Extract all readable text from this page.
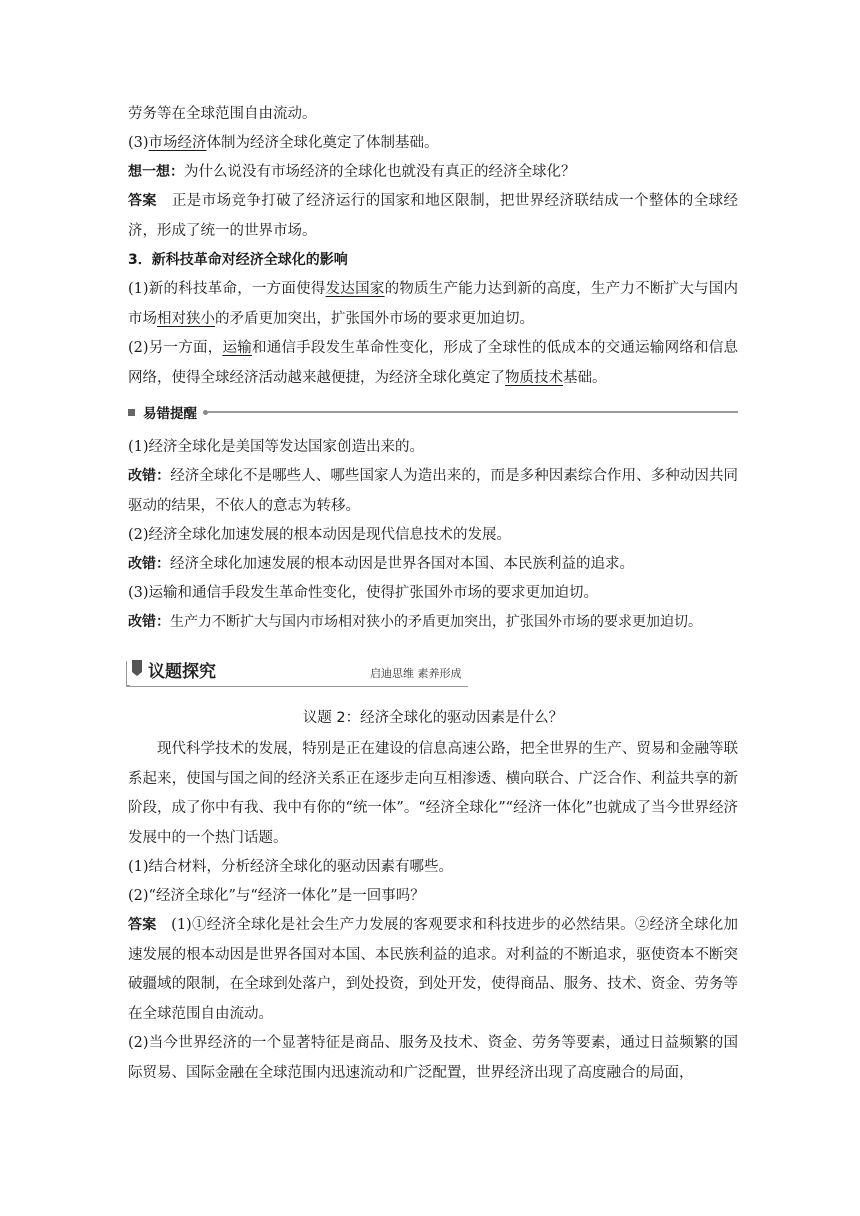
劳务等在全球范围自由流动。
(3)市场经济体制为经济全球化奠定了体制基础。
想一想：为什么说没有市场经济的全球化也就没有真正的经济全球化？
答案 正是市场竞争打破了经济运行的国家和地区限制，把世界经济联结成一个整体的全球经济，形成了统一的世界市场。
3．新科技革命对经济全球化的影响
(1)新的科技革命，一方面使得发达国家的物质生产能力达到新的高度，生产力不断扩大与国内市场相对狭小的矛盾更加突出，扩张国外市场的要求更加迫切。
(2)另一方面，运输和通信手段发生革命性变化，形成了全球性的低成本的交通运输网络和信息网络，使得全球经济活动越来越便捷，为经济全球化奠定了物质技术基础。
易错提醒
(1)经济全球化是美国等发达国家创造出来的。
改错：经济全球化不是哪些人、哪些国家人为造出来的，而是多种因素综合作用、多种动因共同驱动的结果，不依人的意志为转移。
(2)经济全球化加速发展的根本动因是现代信息技术的发展。
改错：经济全球化加速发展的根本动因是世界各国对本国、本民族利益的追求。
(3)运输和通信手段发生革命性变化，使得扩张国外市场的要求更加迫切。
改错：生产力不断扩大与国内市场相对狭小的矛盾更加突出，扩张国外市场的要求更加迫切。
议题探究	启迪思维 素养形成
议题 2：经济全球化的驱动因素是什么？
现代科学技术的发展，特别是正在建设的信息高速公路，把全世界的生产、贸易和金融等联系起来，使国与国之间的经济关系正在逐步走向互相渗透、横向联合、广泛合作、利益共享的新阶段，成了你中有我、我中有你的“统一体”。“经济全球化”“经济一体化”也就成了当今世界经济发展中的一个热门话题。
(1)结合材料，分析经济全球化的驱动因素有哪些。
(2)“经济全球化”与“经济一体化”是一回事吗？
答案 (1)①经济全球化是社会生产力发展的客观要求和科技进步的必然结果。②经济全球化加速发展的根本动因是世界各国对本国、本民族利益的追求。对利益的不断追求，驱使资本不断突破疆域的限制，在全球到处落户，到处投资，到处开发，使得商品、服务、技术、资金、劳务等在全球范围自由流动。
(2)当今世界经济的一个显著特征是商品、服务及技术、资金、劳务等要素，通过日益频繁的国际贸易、国际金融在全球范围内迅速流动和广泛配置，世界经济出现了高度融合的局面，
